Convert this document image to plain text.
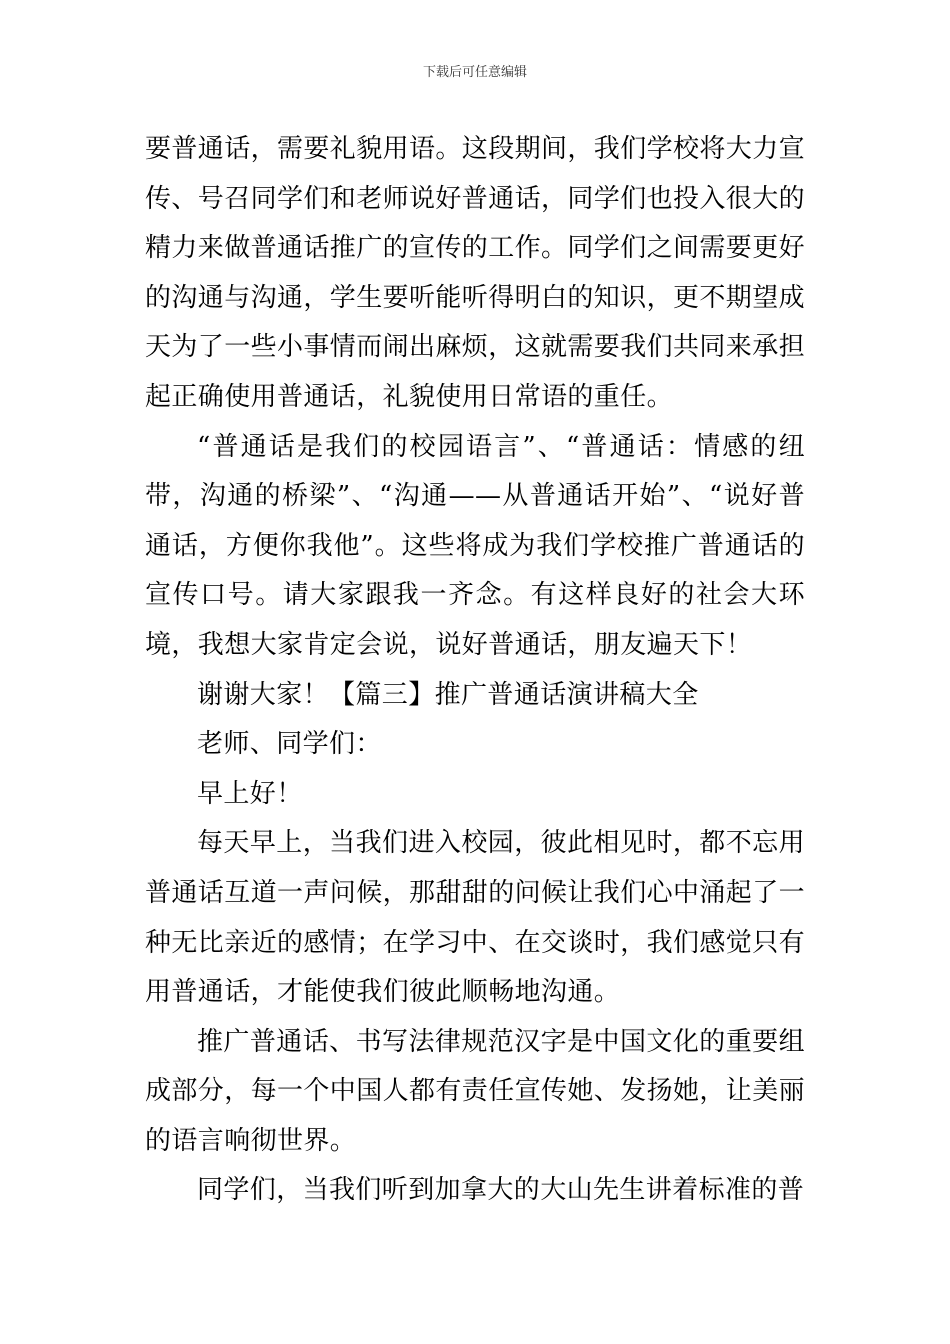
下载后可任意编辑

要普通话，需要礼貌用语。这段期间，我们学校将大力宣传、号召同学们和老师说好普通话，同学们也投入很大的精力来做普通话推广的宣传的工作。同学们之间需要更好的沟通与沟通，学生要听能听得明白的知识，更不期望成天为了一些小事情而闹出麻烦，这就需要我们共同来承担起正确使用普通话，礼貌使用日常语的重任。

“普通话是我们的校园语言”、“普通话：情感的纽带，沟通的桥梁”、“沟通——从普通话开始”、“说好普通话，方便你我他”。这些将成为我们学校推广普通话的宣传口号。请大家跟我一齐念。有这样良好的社会大环境，我想大家肯定会说，说好普通话，朋友遍天下！

谢谢大家！【篇三】推广普通话演讲稿大全

老师、同学们：

早上好！

每天早上，当我们进入校园，彼此相见时，都不忘用普通话互道一声问候，那甜甜的问候让我们心中涌起了一种无比亲近的感情；在学习中、在交谈时，我们感觉只有用普通话，才能使我们彼此顺畅地沟通。

推广普通话、书写法律规范汉字是中国文化的重要组成部分，每一个中国人都有责任宣传她、发扬她，让美丽的语言响彻世界。

同学们，当我们听到加拿大的大山先生讲着标准的普
